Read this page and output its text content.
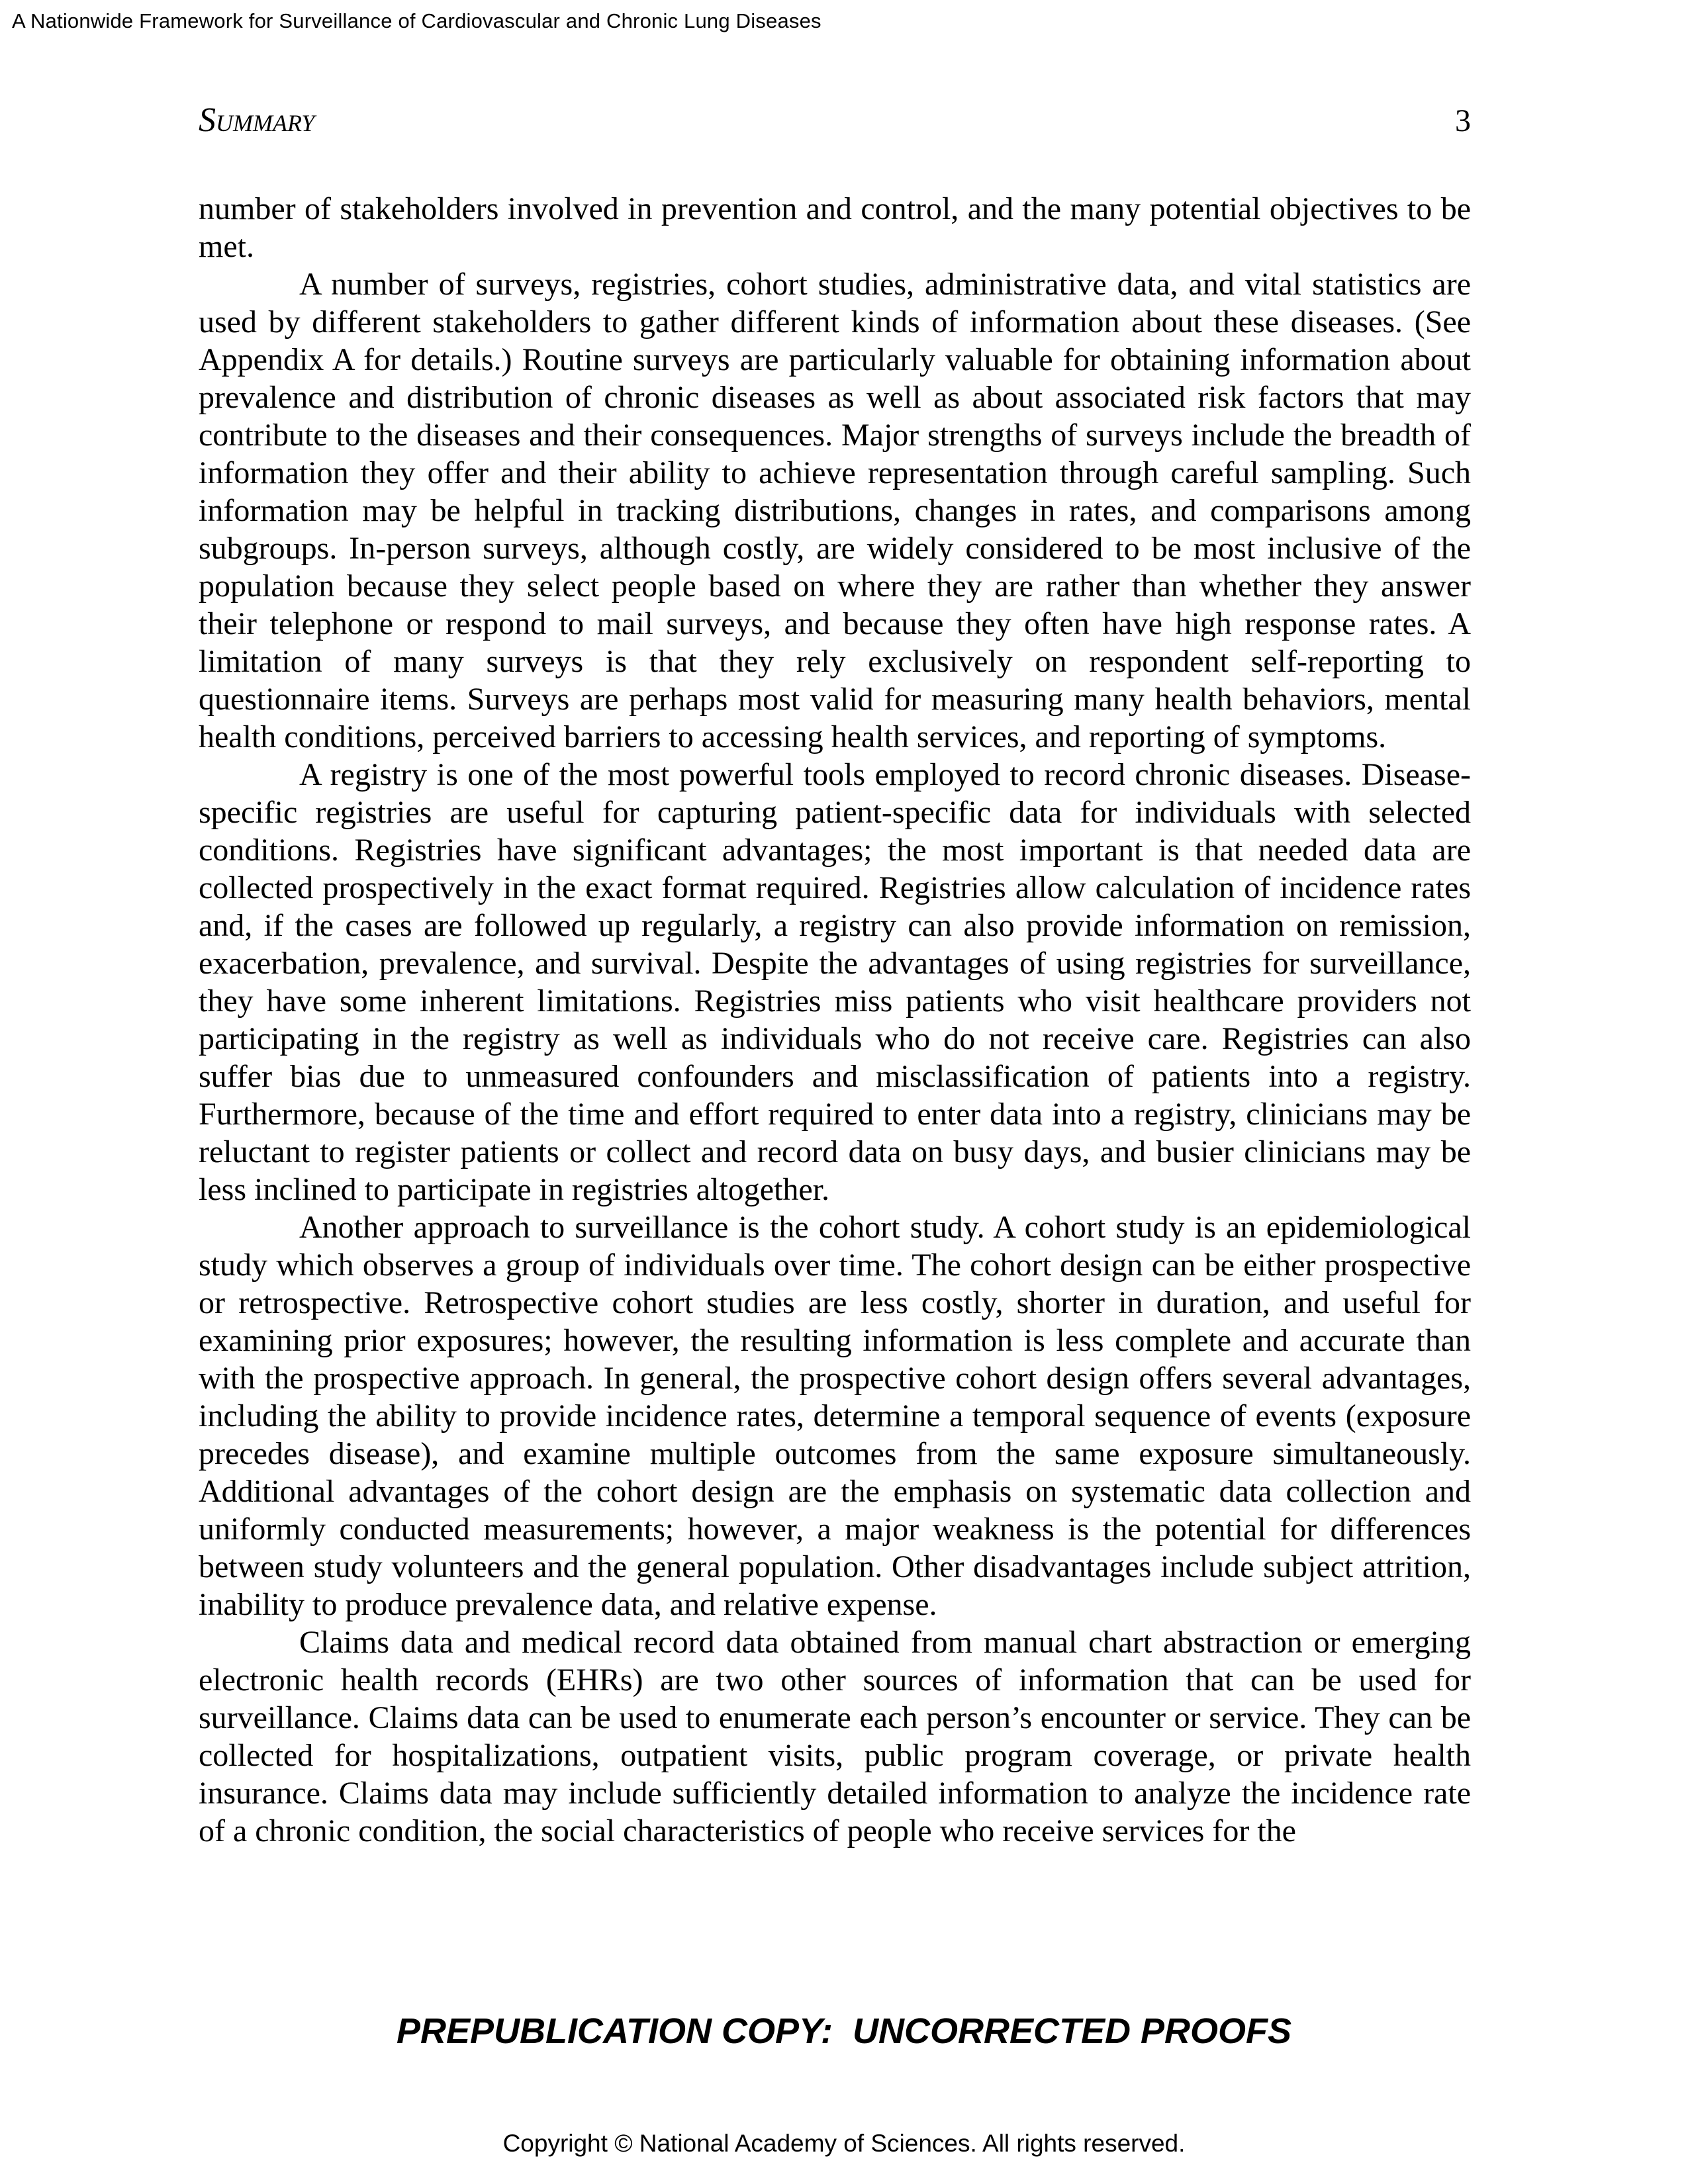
A Nationwide Framework for Surveillance of Cardiovascular and Chronic Lung Diseases
Summary	3

number of stakeholders involved in prevention and control, and the many potential objectives to be met.

A number of surveys, registries, cohort studies, administrative data, and vital statistics are used by different stakeholders to gather different kinds of information about these diseases. (See Appendix A for details.) Routine surveys are particularly valuable for obtaining information about prevalence and distribution of chronic diseases as well as about associated risk factors that may contribute to the diseases and their consequences. Major strengths of surveys include the breadth of information they offer and their ability to achieve representation through careful sampling. Such information may be helpful in tracking distributions, changes in rates, and comparisons among subgroups. In-person surveys, although costly, are widely considered to be most inclusive of the population because they select people based on where they are rather than whether they answer their telephone or respond to mail surveys, and because they often have high response rates. A limitation of many surveys is that they rely exclusively on respondent self-reporting to questionnaire items. Surveys are perhaps most valid for measuring many health behaviors, mental health conditions, perceived barriers to accessing health services, and reporting of symptoms.

A registry is one of the most powerful tools employed to record chronic diseases. Disease-specific registries are useful for capturing patient-specific data for individuals with selected conditions. Registries have significant advantages; the most important is that needed data are collected prospectively in the exact format required. Registries allow calculation of incidence rates and, if the cases are followed up regularly, a registry can also provide information on remission, exacerbation, prevalence, and survival. Despite the advantages of using registries for surveillance, they have some inherent limitations. Registries miss patients who visit healthcare providers not participating in the registry as well as individuals who do not receive care. Registries can also suffer bias due to unmeasured confounders and misclassification of patients into a registry. Furthermore, because of the time and effort required to enter data into a registry, clinicians may be reluctant to register patients or collect and record data on busy days, and busier clinicians may be less inclined to participate in registries altogether.

Another approach to surveillance is the cohort study. A cohort study is an epidemiological study which observes a group of individuals over time. The cohort design can be either prospective or retrospective. Retrospective cohort studies are less costly, shorter in duration, and useful for examining prior exposures; however, the resulting information is less complete and accurate than with the prospective approach. In general, the prospective cohort design offers several advantages, including the ability to provide incidence rates, determine a temporal sequence of events (exposure precedes disease), and examine multiple outcomes from the same exposure simultaneously. Additional advantages of the cohort design are the emphasis on systematic data collection and uniformly conducted measurements; however, a major weakness is the potential for differences between study volunteers and the general population. Other disadvantages include subject attrition, inability to produce prevalence data, and relative expense.

Claims data and medical record data obtained from manual chart abstraction or emerging electronic health records (EHRs) are two other sources of information that can be used for surveillance. Claims data can be used to enumerate each person’s encounter or service. They can be collected for hospitalizations, outpatient visits, public program coverage, or private health insurance. Claims data may include sufficiently detailed information to analyze the incidence rate of a chronic condition, the social characteristics of people who receive services for the

PREPUBLICATION COPY:  UNCORRECTED PROOFS
Copyright © National Academy of Sciences. All rights reserved.
